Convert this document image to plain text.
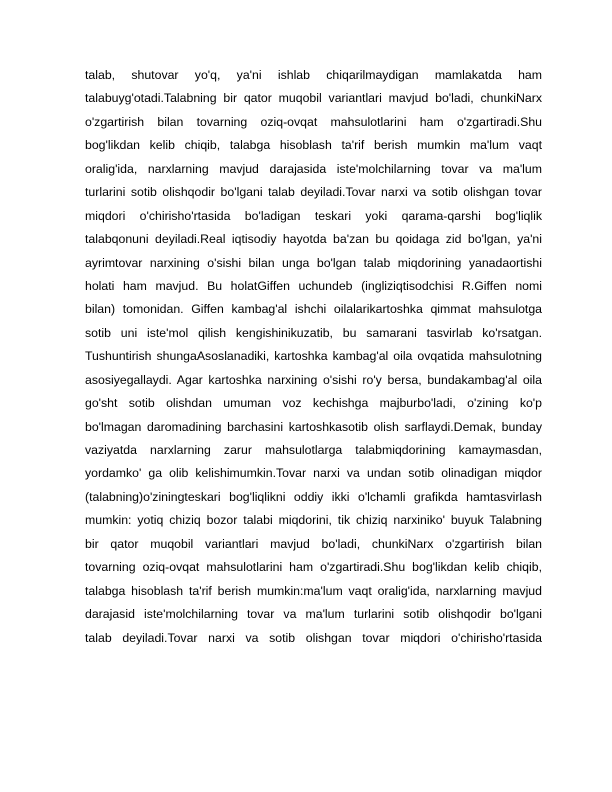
talab, shutovar yo'q, ya'ni ishlab chiqarilmaydigan mamlakatda ham
talabuyg'otadi.Talabning bir qator muqobil variantlari mavjud bo'ladi, chunkiNarx
o'zgartirish bilan tovarning oziq-ovqat mahsulotlarini ham o'zgartiradi.Shu
bog'likdan kelib chiqib, talabga hisoblash ta'rif berish mumkin ma'lum vaqt
oralig'ida, narxlarning mavjud darajasida iste'molchilarning tovar va ma'lum
turlarini sotib olishqodir bo'lgani talab deyiladi.Tovar narxi va sotib olishgan tovar
miqdori o'chirisho'rtasida bo'ladigan teskari yoki qarama-qarshi bog'liqlik
talabqonuni deyiladi.Real iqtisodiy hayotda ba'zan bu qoidaga zid bo'lgan, ya'ni
ayrimtovar narxining o'sishi bilan unga bo'lgan talab miqdorining yanadaortishi
holati ham mavjud. Bu holatGiffen uchundeb (ingliziqtisodchisi R.Giffen nomi
bilan) tomonidan. Giffen kambag'al ishchi oilalarikartoshka qimmat mahsulotga
sotib uni iste'mol qilish kengishinikuzatib, bu samarani tasvirlab ko'rsatgan.
Tushuntirish shungaAsoslanadiki, kartoshka kambag'al oila ovqatida mahsulotning
asosiyegallaydi. Agar kartoshka narxining o'sishi ro'y bersa, bundakambag'al oila
go'sht sotib olishdan umuman voz kechishga majburbo'ladi, o'zining ko'p
bo'lmagan daromadining barchasini kartoshkasotib olish sarflaydi.Demak, bunday
vaziyatda narxlarning zarur mahsulotlarga talabmiqdorining kamaymasdan,
yordamko' ga olib kelishimumkin.Tovar narxi va undan sotib olinadigan miqdor
(talabning)o'ziningteskari bog'liqlikni oddiy ikki o'lchamli grafikda hamtasvirlash
mumkin: yotiq chiziq bozor talabi miqdorini, tik chiziq narxiniko' buyuk Talabning
bir qator muqobil variantlari mavjud bo'ladi, chunkiNarx o'zgartirish bilan
tovarning oziq-ovqat mahsulotlarini ham o'zgartiradi.Shu bog'likdan kelib chiqib,
talabga hisoblash ta'rif berish mumkin:ma'lum vaqt oralig'ida, narxlarning mavjud
darajasid iste'molchilarning tovar va ma'lum turlarini sotib olishqodir bo'lgani
talab deyiladi.Tovar narxi va sotib olishgan tovar miqdori o'chirisho'rtasida
